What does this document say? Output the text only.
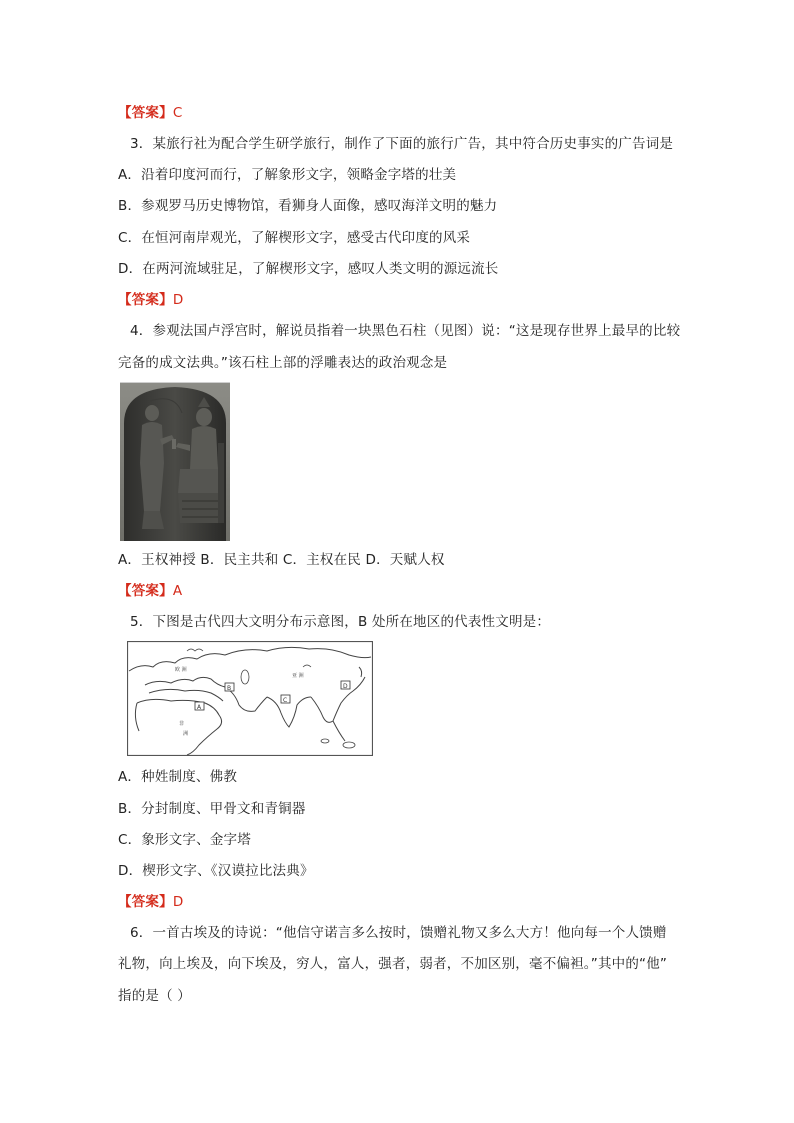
【答案】C
3．某旅行社为配合学生研学旅行，制作了下面的旅行广告，其中符合历史事实的广告词是
A．沿着印度河而行，了解象形文字，领略金字塔的壮美
B．参观罗马历史博物馆，看狮身人面像，感叹海洋文明的魅力
C．在恒河南岸观光，了解楔形文字，感受古代印度的风采
D．在两河流域驻足，了解楔形文字，感叹人类文明的源远流长
【答案】D
4．参观法国卢浮宫时，解说员指着一块黑色石柱（见图）说：“这是现存世界上最早的比较
完备的成文法典。”该石柱上部的浮雕表达的政治观念是
A．王权神授 B．民主共和 C．主权在民 D．天赋人权
【答案】A
5．下图是古代四大文明分布示意图，B 处所在地区的代表性文明是：
欧 洲
亚 洲
非
洲
A
B
C
D
A．种姓制度、佛教
B．分封制度、甲骨文和青铜器
C．象形文字、金字塔
D．楔形文字、《汉谟拉比法典》
【答案】D
6．一首古埃及的诗说：“他信守诺言多么按时，馈赠礼物又多么大方！他向每一个人馈赠
礼物，向上埃及，向下埃及，穷人，富人，强者，弱者，不加区别，毫不偏袒。”其中的“他”
指的是（ ）
